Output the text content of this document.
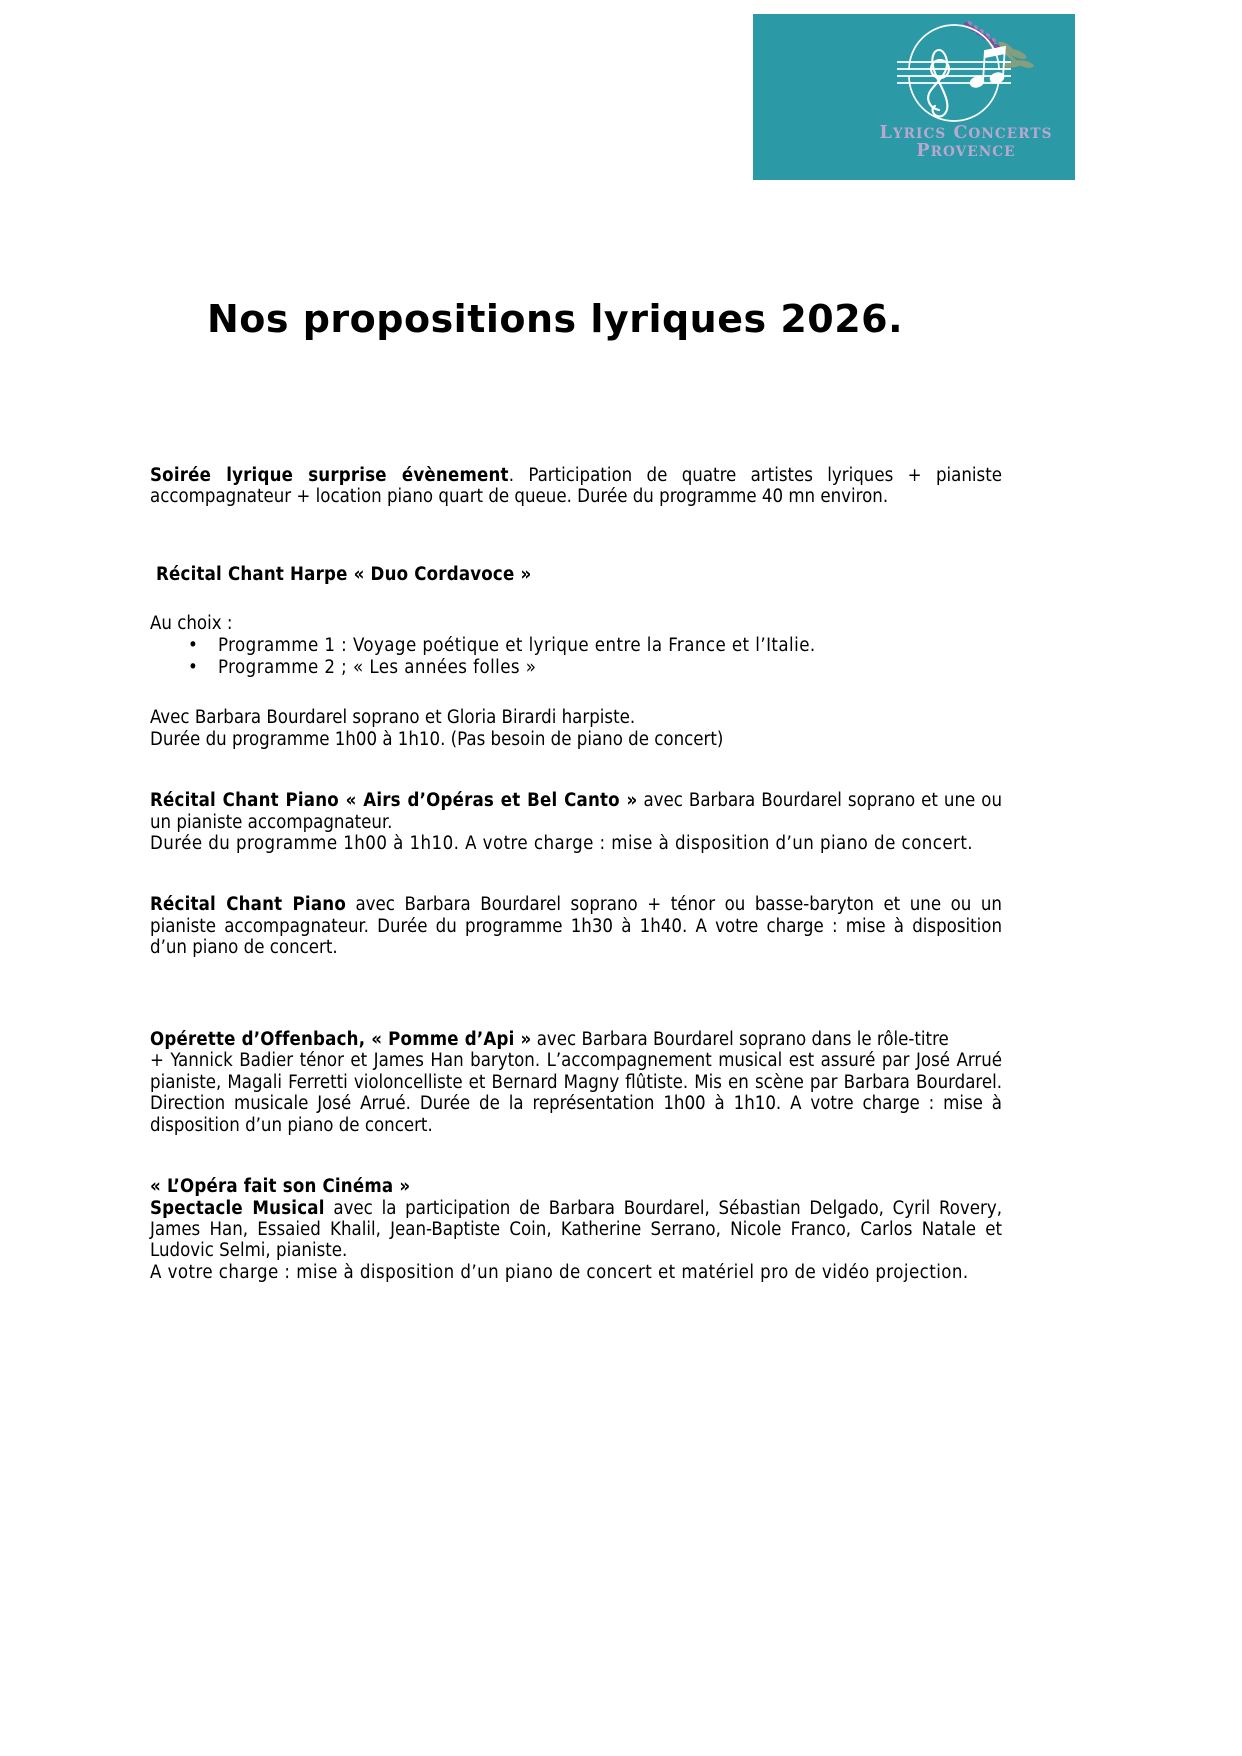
LYRICS CONCERTS
PROVENCE
Nos propositions lyriques 2026.

Soirée lyrique surprise évènement. Participation de quatre artistes lyriques + pianiste accompagnateur + location piano quart de queue. Durée du programme 40 mn environ.

Récital Chant Harpe « Duo Cordavoce »

Au choix :

• Programme 1 : Voyage poétique et lyrique entre la France et l’Italie.
• Programme 2 ; « Les années folles »

Avec Barbara Bourdarel soprano et Gloria Birardi harpiste.

Durée du programme 1h00 à 1h10. (Pas besoin de piano de concert)

Récital Chant Piano « Airs d’Opéras et Bel Canto » avec Barbara Bourdarel soprano et une ou un pianiste accompagnateur.

Durée du programme 1h00 à 1h10. A votre charge : mise à disposition d’un piano de concert.

Récital Chant Piano avec Barbara Bourdarel soprano + ténor ou basse-baryton et une ou un pianiste accompagnateur. Durée du programme 1h30 à 1h40. A votre charge : mise à disposition d’un piano de concert.

Opérette d’Offenbach, « Pomme d’Api » avec Barbara Bourdarel soprano dans le rôle-titre

+ Yannick Badier ténor et James Han baryton. L’accompagnement musical est assuré par José Arrué pianiste, Magali Ferretti violoncelliste et Bernard Magny flûtiste. Mis en scène par Barbara Bourdarel. Direction musicale José Arrué. Durée de la représentation 1h00 à 1h10. A votre charge : mise à disposition d’un piano de concert.

« L’Opéra fait son Cinéma »

Spectacle Musical avec la participation de Barbara Bourdarel, Sébastian Delgado, Cyril Rovery, James Han, Essaied Khalil, Jean-Baptiste Coin, Katherine Serrano, Nicole Franco, Carlos Natale et Ludovic Selmi, pianiste.

A votre charge : mise à disposition d’un piano de concert et matériel pro de vidéo projection.
